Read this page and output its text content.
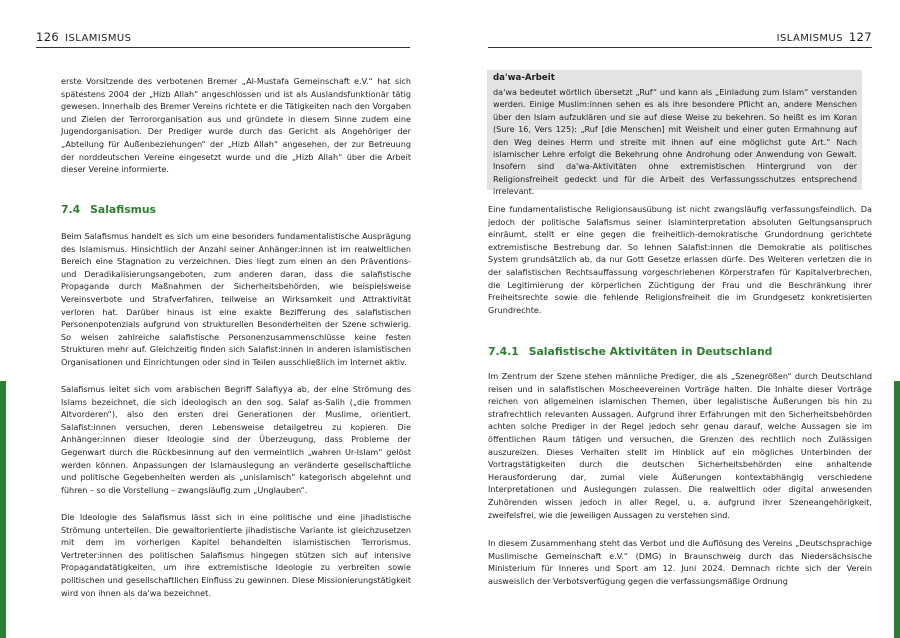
126 ISLAMISMUS

erste Vorsitzende des verbotenen Bremer „Al-Mustafa Gemeinschaft e.V.“ hat sich spätestens 2004 der „Hizb Allah“ angeschlossen und ist als Auslandsfunktionär tätig gewesen. Innerhalb des Bremer Vereins richtete er die Tätigkeiten nach den Vorgaben und Zielen der Terrororganisation aus und gründete in diesem Sinne zudem eine Jugendorganisation. Der Prediger wurde durch das Gericht als Angehöriger der „Abteilung für Außenbeziehungen“ der „Hizb Allah“ angesehen, der zur Betreuung der norddeutschen Vereine eingesetzt wurde und die „Hizb Allah“ über die Arbeit dieser Vereine informierte.

7.4 Salafismus

Beim Salafismus handelt es sich um eine besonders fundamentalistische Ausprägung des Islamismus. Hinsichtlich der Anzahl seiner Anhänger:innen ist im realweltlichen Bereich eine Stagnation zu verzeichnen. Dies liegt zum einen an den Präventions- und Deradikalisierungsangeboten, zum anderen daran, dass die salafistische Propaganda durch Maßnahmen der Sicherheitsbehörden, wie beispielsweise Vereinsverbote und Strafverfahren, teilweise an Wirksamkeit und Attraktivität verloren hat. Darüber hinaus ist eine exakte Bezifferung des salafistischen Personenpotenzials aufgrund von strukturellen Besonderheiten der Szene schwierig. So weisen zahlreiche salafistische Personenzusammenschlüsse keine festen Strukturen mehr auf. Gleichzeitig finden sich Salafist:innen in anderen islamistischen Organisationen und Einrichtungen oder sind in Teilen ausschließlich im Internet aktiv.

Salafismus leitet sich vom arabischen Begriff Salafiyya ab, der eine Strömung des Islams bezeichnet, die sich ideologisch an den sog. Salaf as-Salih („die frommen Altvorderen“), also den ersten drei Generationen der Muslime, orientiert. Salafist:innen versuchen, deren Lebensweise detailgetreu zu kopieren. Die Anhänger:innen dieser Ideologie sind der Überzeugung, dass Probleme der Gegenwart durch die Rückbesinnung auf den vermeintlich „wahren Ur-Islam“ gelöst werden können. Anpassungen der Islamauslegung an veränderte gesellschaftliche und politische Gegebenheiten werden als „unislamisch“ kategorisch abgelehnt und führen – so die Vorstellung – zwangsläufig zum „Unglauben“.

Die Ideologie des Salafismus lässt sich in eine politische und eine jihadistische Strömung unterteilen. Die gewaltorientierte jihadistische Variante ist gleichzusetzen mit dem im vorherigen Kapitel behandelten islamistischen Terrorismus. Vertreter:innen des politischen Salafismus hingegen stützen sich auf intensive Propagandatätigkeiten, um ihre extremistische Ideologie zu verbreiten sowie politischen und gesellschaftlichen Einfluss zu gewinnen. Diese Missionierungstätigkeit wird von ihnen als da'wa bezeichnet.

ISLAMISMUS 127

Eine fundamentalistische Religionsausübung ist nicht zwangsläufig verfassungsfeindlich. Da jedoch der politische Salafismus seiner Islaminterpretation absoluten Geltungsanspruch einräumt, stellt er eine gegen die freiheitlich-demokratische Grundordnung gerichtete extremistische Bestrebung dar. So lehnen Salafist:innen die Demokratie als politisches System grundsätzlich ab, da nur Gott Gesetze erlassen dürfe. Des Weiteren verletzen die in der salafistischen Rechtsauffassung vorgeschriebenen Körperstrafen für Kapitalverbrechen, die Legitimierung der körperlichen Züchtigung der Frau und die Beschränkung ihrer Freiheitsrechte sowie die fehlende Religionsfreiheit die im Grundgesetz konkretisierten Grundrechte.

7.4.1 Salafistische Aktivitäten in Deutschland

Im Zentrum der Szene stehen männliche Prediger, die als „Szenegrößen“ durch Deutschland reisen und in salafistischen Moscheevereinen Vorträge halten. Die Inhalte dieser Vorträge reichen von allgemeinen islamischen Themen, über legalistische Äußerungen bis hin zu strafrechtlich relevanten Aussagen. Aufgrund ihrer Erfahrungen mit den Sicherheitsbehörden achten solche Prediger in der Regel jedoch sehr genau darauf, welche Aussagen sie im öffentlichen Raum tätigen und versuchen, die Grenzen des rechtlich noch Zulässigen auszureizen. Dieses Verhalten stellt im Hinblick auf ein mögliches Unterbinden der Vortragstätigkeiten durch die deutschen Sicherheitsbehörden eine anhaltende Herausforderung dar, zumal viele Äußerungen kontextabhängig verschiedene Interpretationen und Auslegungen zulassen. Die realweltlich oder digital anwesenden Zuhörenden wissen jedoch in aller Regel, u. a. aufgrund ihrer Szeneangehörigkeit, zweifelsfrei, wie die jeweiligen Aussagen zu verstehen sind.

In diesem Zusammenhang steht das Verbot und die Auflösung des Vereins „Deutschsprachige Muslimische Gemeinschaft e.V.“ (DMG) in Braunschweig durch das Niedersächsische Ministerium für Inneres und Sport am 12. Juni 2024. Demnach richte sich der Verein ausweislich der Verbotsverfügung gegen die verfassungsmäßige Ordnung

da'wa-Arbeit

da'wa bedeutet wörtlich übersetzt „Ruf“ und kann als „Einladung zum Islam“ verstanden werden. Einige Muslim:innen sehen es als ihre besondere Pflicht an, andere Menschen über den Islam aufzuklären und sie auf diese Weise zu bekehren. So heißt es im Koran (Sure 16, Vers 125): „Ruf [die Menschen] mit Weisheit und einer guten Ermahnung auf den Weg deines Herrn und streite mit ihnen auf eine möglichst gute Art.“ Nach islamischer Lehre erfolgt die Bekehrung ohne Androhung oder Anwendung von Gewalt. Insofern sind da'wa-Aktivitäten ohne extremistischen Hintergrund von der Religionsfreiheit gedeckt und für die Arbeit des Verfassungsschutzes entsprechend irrelevant.
